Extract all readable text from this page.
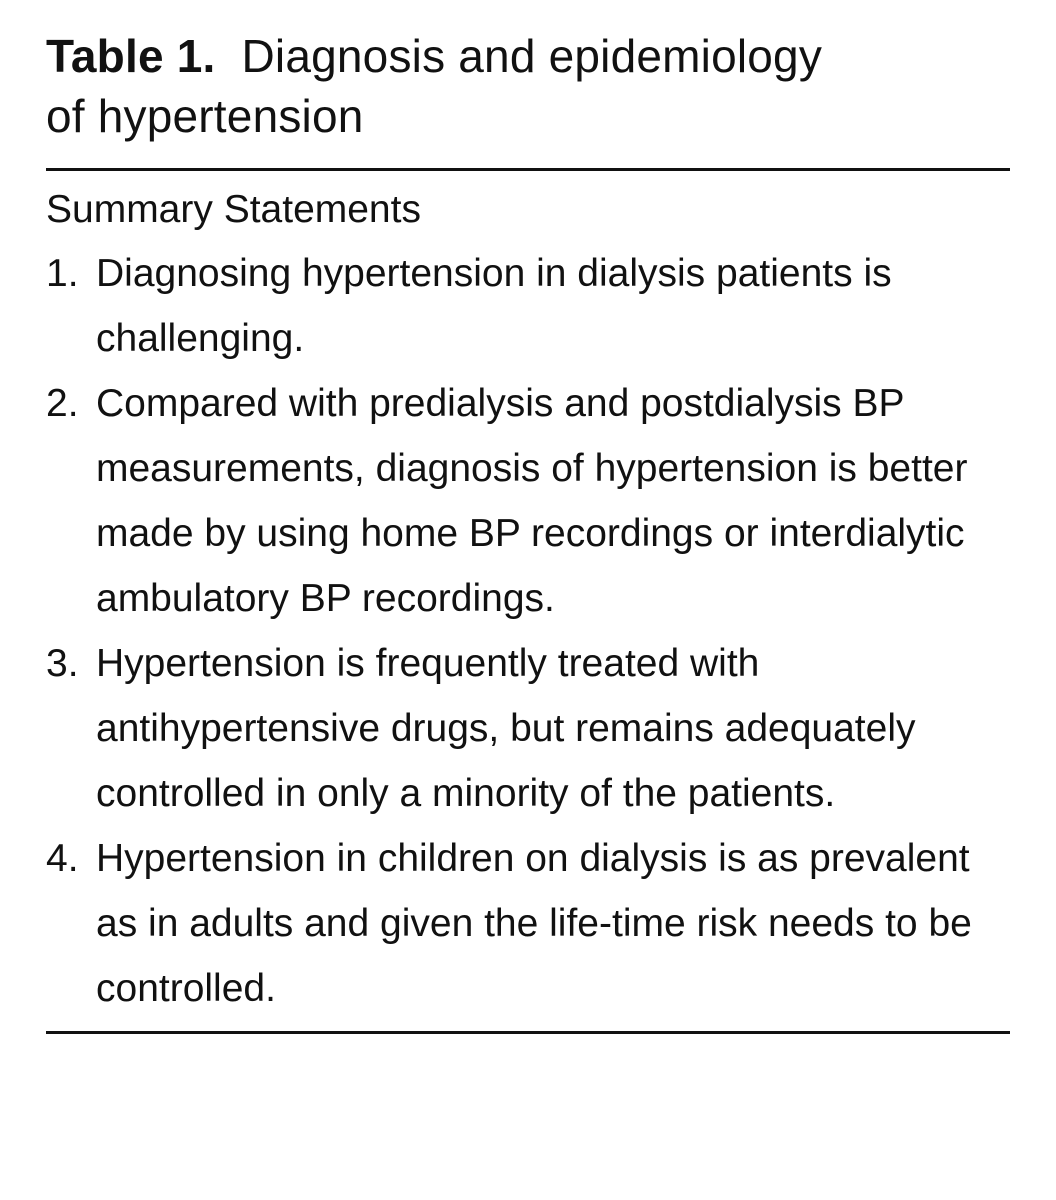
Table 1. Diagnosis and epidemiology
of hypertension
Summary Statements
1. Diagnosing hypertension in dialysis patients is challenging.
2. Compared with predialysis and postdialysis BP measurements, diagnosis of hypertension is better made by using home BP recordings or interdialytic ambulatory BP recordings.
3. Hypertension is frequently treated with antihypertensive drugs, but remains adequately controlled in only a minority of the patients.
4. Hypertension in children on dialysis is as prevalent as in adults and given the life-time risk needs to be controlled.
